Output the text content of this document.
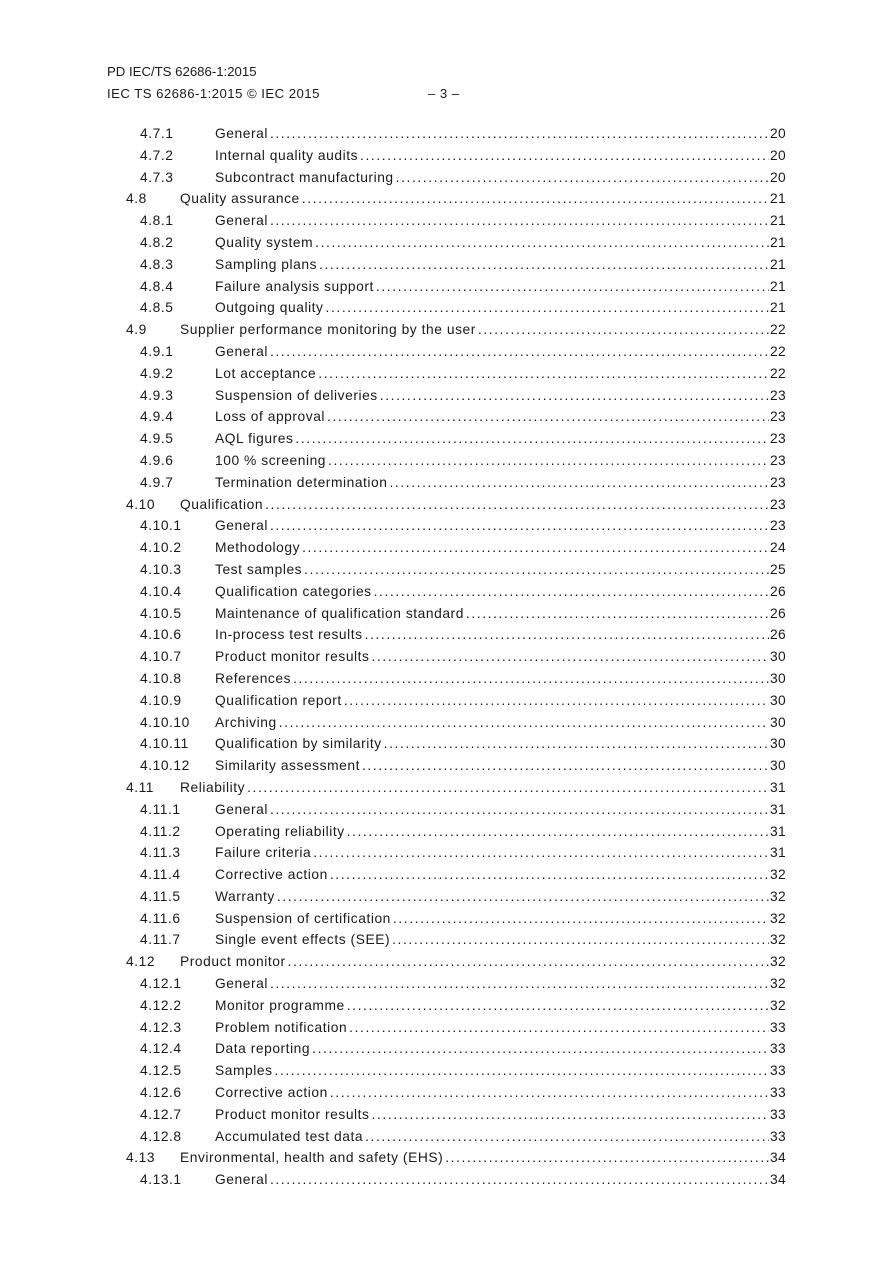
PD IEC/TS 62686-1:2015
IEC TS 62686-1:2015 © IEC 2015	– 3 –
4.7.1	General .....	20
4.7.2	Internal quality audits .....	20
4.7.3	Subcontract manufacturing .....	20
4.8	Quality assurance .....	21
4.8.1	General .....	21
4.8.2	Quality system .....	21
4.8.3	Sampling plans .....	21
4.8.4	Failure analysis support .....	21
4.8.5	Outgoing quality .....	21
4.9	Supplier performance monitoring by the user .....	22
4.9.1	General .....	22
4.9.2	Lot acceptance .....	22
4.9.3	Suspension of deliveries .....	23
4.9.4	Loss of approval .....	23
4.9.5	AQL figures .....	23
4.9.6	100 % screening .....	23
4.9.7	Termination determination .....	23
4.10	Qualification .....	23
4.10.1	General .....	23
4.10.2	Methodology .....	24
4.10.3	Test samples .....	25
4.10.4	Qualification categories .....	26
4.10.5	Maintenance of qualification standard .....	26
4.10.6	In-process test results .....	26
4.10.7	Product monitor results .....	30
4.10.8	References .....	30
4.10.9	Qualification report .....	30
4.10.10	Archiving .....	30
4.10.11	Qualification by similarity .....	30
4.10.12	Similarity assessment .....	30
4.11	Reliability .....	31
4.11.1	General .....	31
4.11.2	Operating reliability .....	31
4.11.3	Failure criteria .....	31
4.11.4	Corrective action .....	32
4.11.5	Warranty .....	32
4.11.6	Suspension of certification .....	32
4.11.7	Single event effects (SEE) .....	32
4.12	Product monitor .....	32
4.12.1	General .....	32
4.12.2	Monitor programme .....	32
4.12.3	Problem notification .....	33
4.12.4	Data reporting .....	33
4.12.5	Samples .....	33
4.12.6	Corrective action .....	33
4.12.7	Product monitor results .....	33
4.12.8	Accumulated test data .....	33
4.13	Environmental, health and safety (EHS) .....	34
4.13.1	General .....	34
